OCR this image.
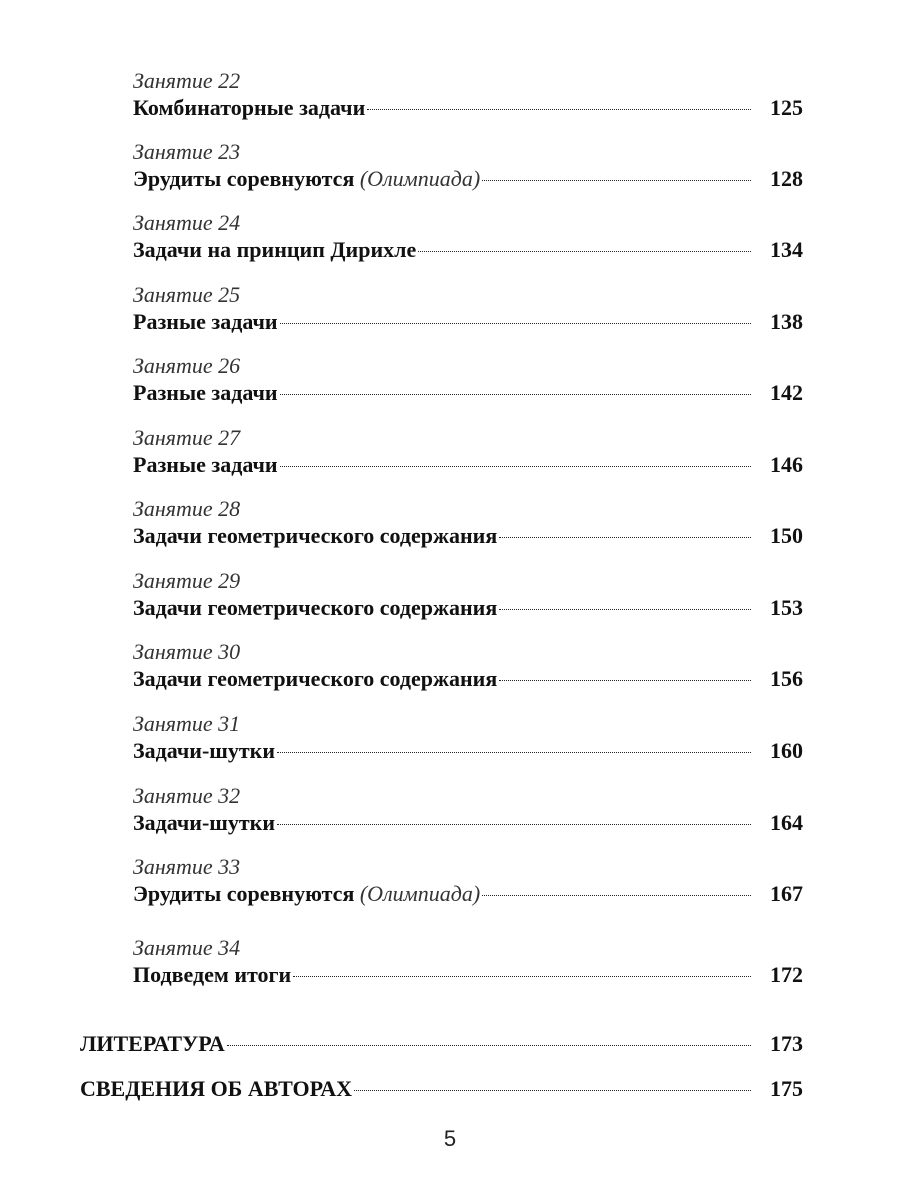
Занятие 22
Комбинаторные задачи	125
Занятие 23
Эрудиты соревнуются (Олимпиада)	128
Занятие 24
Задачи на принцип Дирихле	134
Занятие 25
Разные задачи	138
Занятие 26
Разные задачи	142
Занятие 27
Разные задачи	146
Занятие 28
Задачи геометрического содержания	150
Занятие 29
Задачи геометрического содержания	153
Занятие 30
Задачи геометрического содержания	156
Занятие 31
Задачи-шутки	160
Занятие 32
Задачи-шутки	164
Занятие 33
Эрудиты соревнуются (Олимпиада)	167
Занятие 34
Подведем итоги	172
ЛИТЕРАТУРА	173
СВЕДЕНИЯ ОБ АВТОРАХ	175
5
